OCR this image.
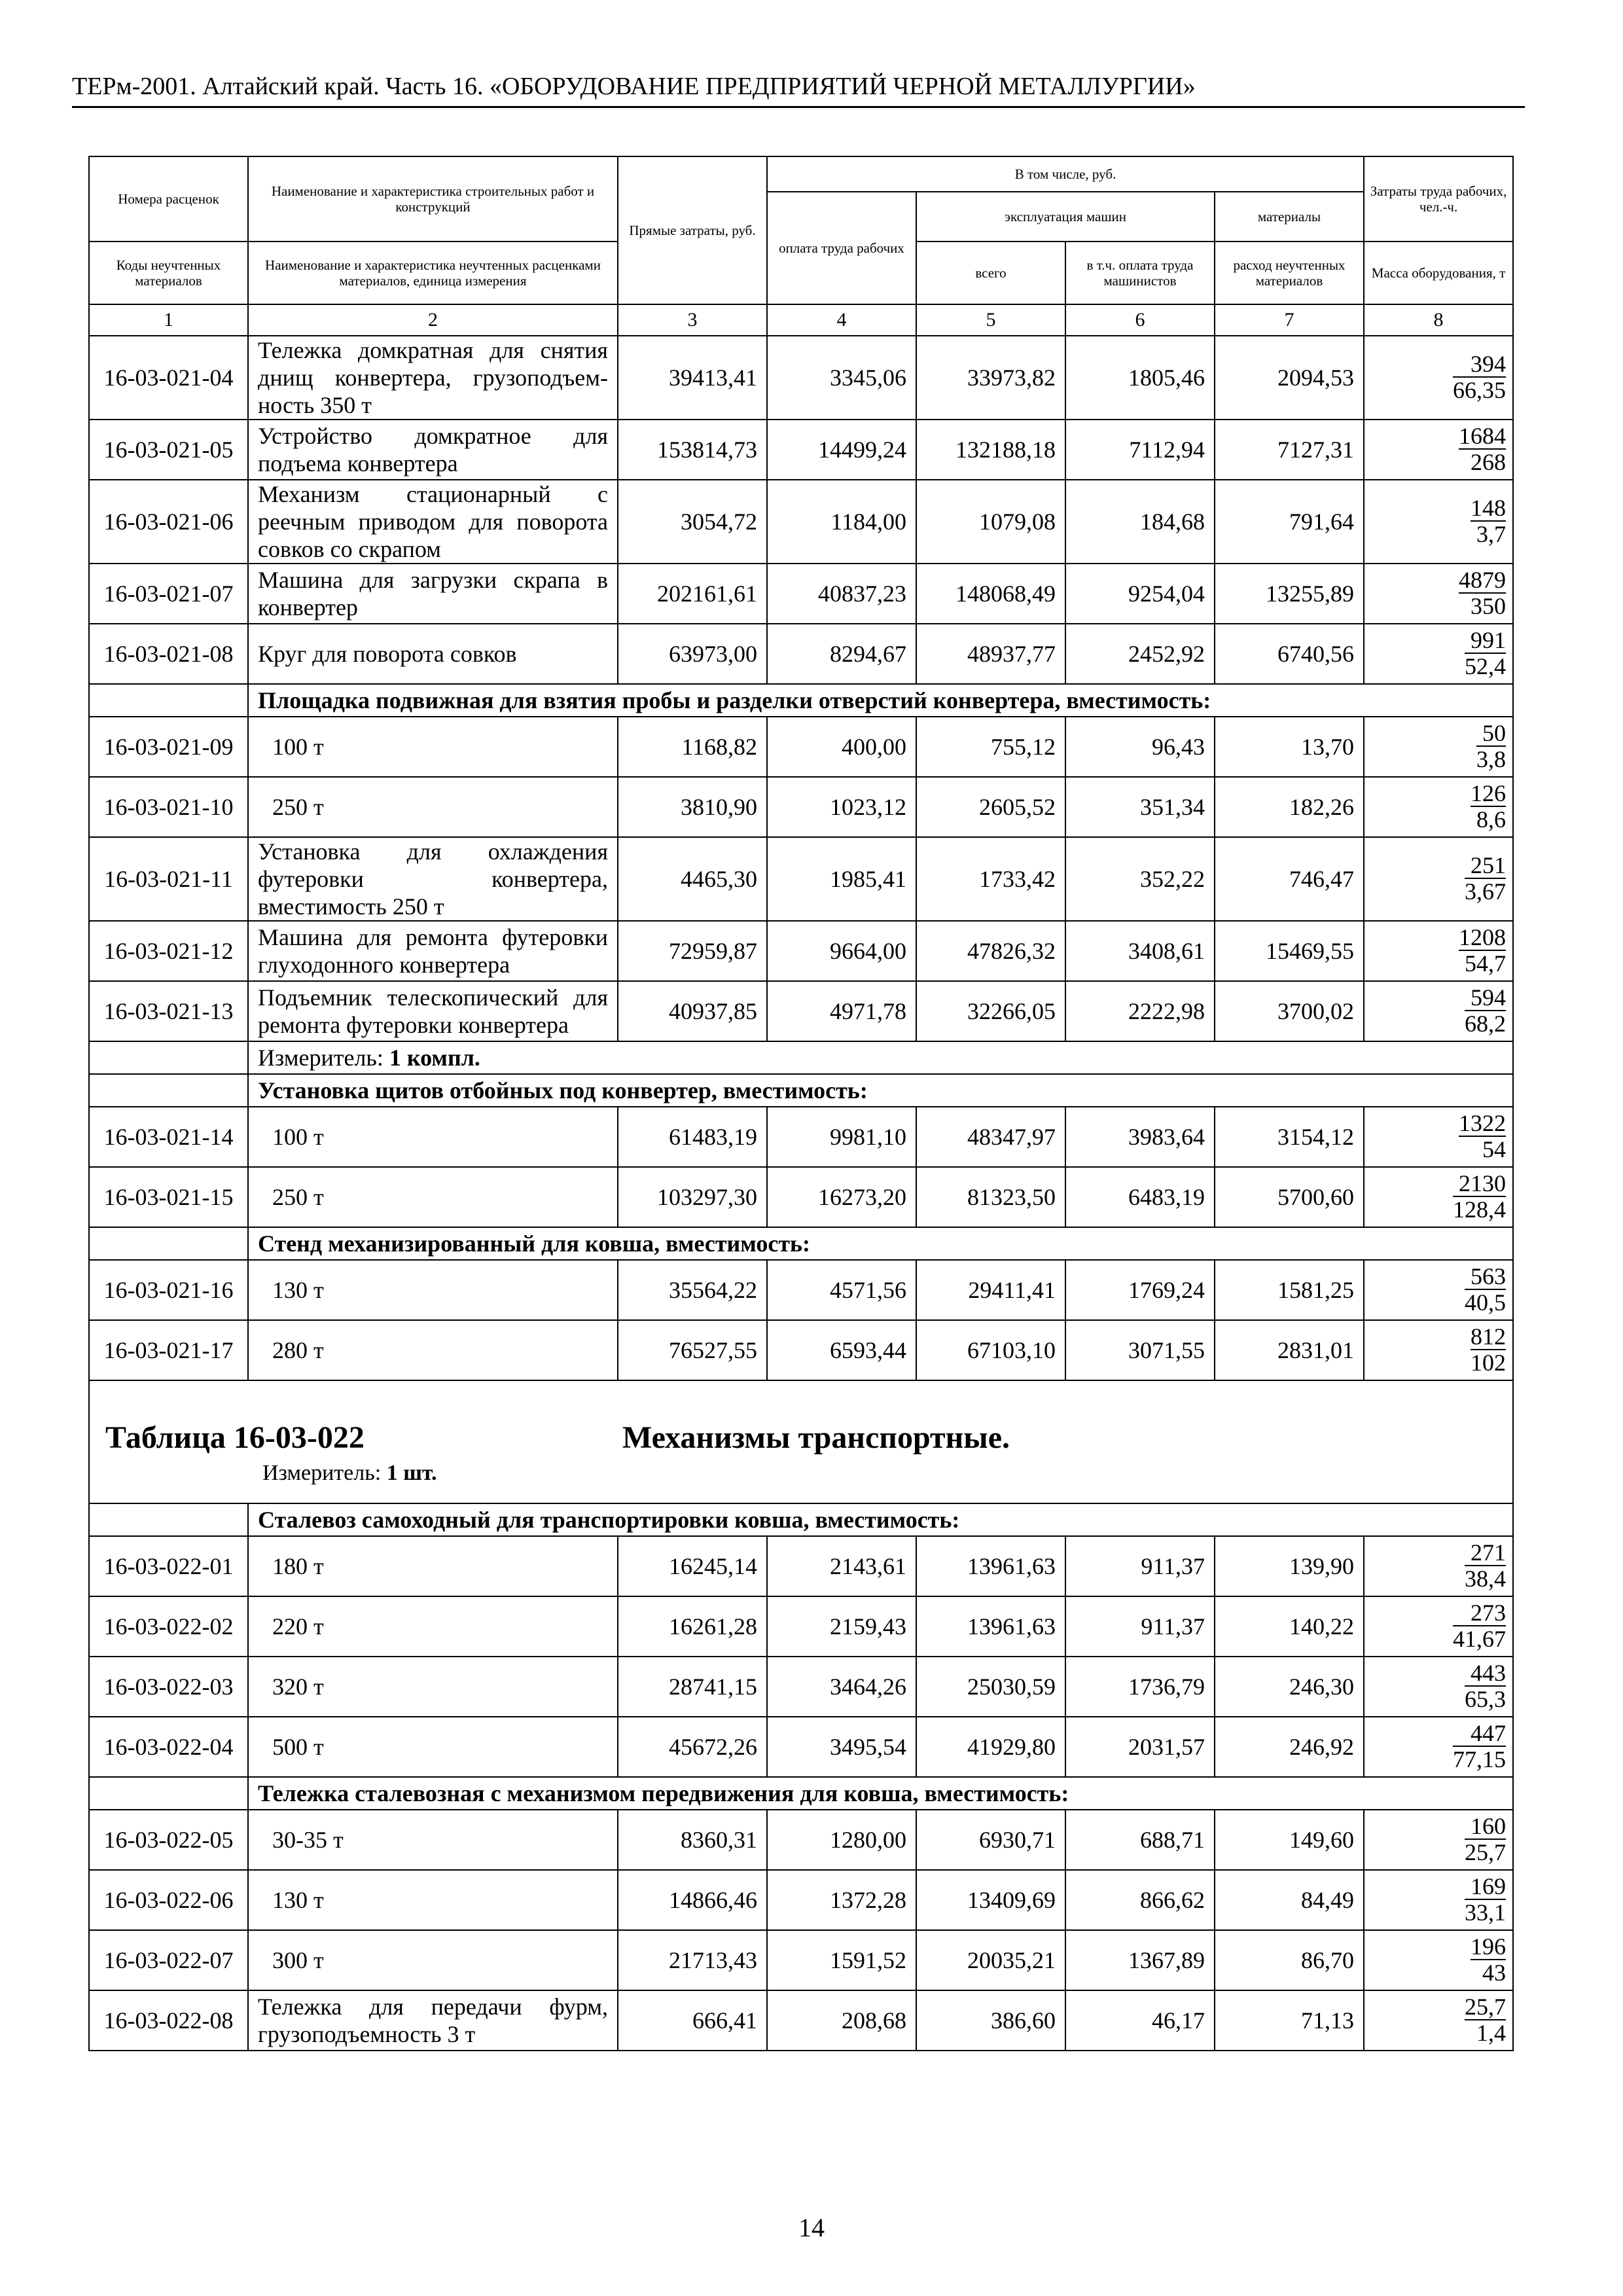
ТЕРм-2001. Алтайский край. Часть 16. «ОБОРУДОВАНИЕ ПРЕДПРИЯТИЙ ЧЕРНОЙ МЕТАЛЛУРГИИ»
Номера расценок	Наименование и характеристика строительных работ и конструкций	Прямые затраты, руб.	В том числе, руб.				Затраты труда рабочих, чел.-ч.
			оплата труда рабочих	эксплуатация машин		материалы	
Коды неучтенных материалов	Наименование и характеристика неучтенных расценками материалов, единица измерения			всего	в т.ч. оплата труда машинистов	расход неучтенных материалов	Масса оборудования, т
1	2	3	4	5	6	7	8
16-03-021-04	Тележка домкратная для снятия днищ конвертера, грузоподъем-ность 350 т	39413,41	3345,06	33973,82	1805,46	2094,53	$\frac{394}{66,35}$

16-03-021-05	Устройство домкратное для подъема конвертера	153814,73	14499,24	132188,18	7112,94	7127,31	$\frac{1684}{268}$

16-03-021-06	Механизм стационарный с реечным приводом для поворота совков со скрапом	3054,72	1184,00	1079,08	184,68	791,64	$\frac{148}{3,7}$

16-03-021-07	Машина для загрузки скрапа в конвертер	202161,61	40837,23	148068,49	9254,04	13255,89	$\frac{4879}{350}$

16-03-021-08	Круг для поворота совков	63973,00	8294,67	48937,77	2452,92	6740,56	$\frac{991}{52,4}$

	Площадка подвижная для взятия пробы и разделки отверстий конвертера, вместимость:						
16-03-021-09	100 т	1168,82	400,00	755,12	96,43	13,70	$\frac{50}{3,8}$

16-03-021-10	250 т	3810,90	1023,12	2605,52	351,34	182,26	$\frac{126}{8,6}$

16-03-021-11	Установка для охлаждения футеровки конвертера, вместимость 250 т	4465,30	1985,41	1733,42	352,22	746,47	$\frac{251}{3,67}$

16-03-021-12	Машина для ремонта футеровки глуходонного конвертера	72959,87	9664,00	47826,32	3408,61	15469,55	$\frac{1208}{54,7}$

16-03-021-13	Подъемник телескопический для ремонта футеровки конвертера	40937,85	4971,78	32266,05	2222,98	3700,02	$\frac{594}{68,2}$

	Измеритель: 1 компл.						
	Установка щитов отбойных под конвертер, вместимость:						
16-03-021-14	100 т	61483,19	9981,10	48347,97	3983,64	3154,12	$\frac{1322}{54}$

16-03-021-15	250 т	103297,30	16273,20	81323,50	6483,19	5700,60	$\frac{2130}{128,4}$

	Стенд механизированный для ковша, вместимость:						
16-03-021-16	130 т	35564,22	4571,56	29411,41	1769,24	1581,25	$\frac{563}{40,5}$

16-03-021-17	280 т	76527,55	6593,44	67103,10	3071,55	2831,01	$\frac{812}{102}$

Таблица 16-03-022 Механизмы транспортные.
Измеритель: 1 шт.							

	Сталевоз самоходный для транспортировки ковша, вместимость:						
16-03-022-01	180 т	16245,14	2143,61	13961,63	911,37	139,90	$\frac{271}{38,4}$

16-03-022-02	220 т	16261,28	2159,43	13961,63	911,37	140,22	$\frac{273}{41,67}$

16-03-022-03	320 т	28741,15	3464,26	25030,59	1736,79	246,30	$\frac{443}{65,3}$

16-03-022-04	500 т	45672,26	3495,54	41929,80	2031,57	246,92	$\frac{447}{77,15}$

	Тележка сталевозная с механизмом передвижения для ковша, вместимость:						
16-03-022-05	30-35 т	8360,31	1280,00	6930,71	688,71	149,60	$\frac{160}{25,7}$

16-03-022-06	130 т	14866,46	1372,28	13409,69	866,62	84,49	$\frac{169}{33,1}$

16-03-022-07	300 т	21713,43	1591,52	20035,21	1367,89	86,70	$\frac{196}{43}$

16-03-022-08	Тележка для передачи фурм, грузоподъемность 3 т	666,41	208,68	386,60	46,17	71,13	$\frac{25,7}{1,4}$
14
